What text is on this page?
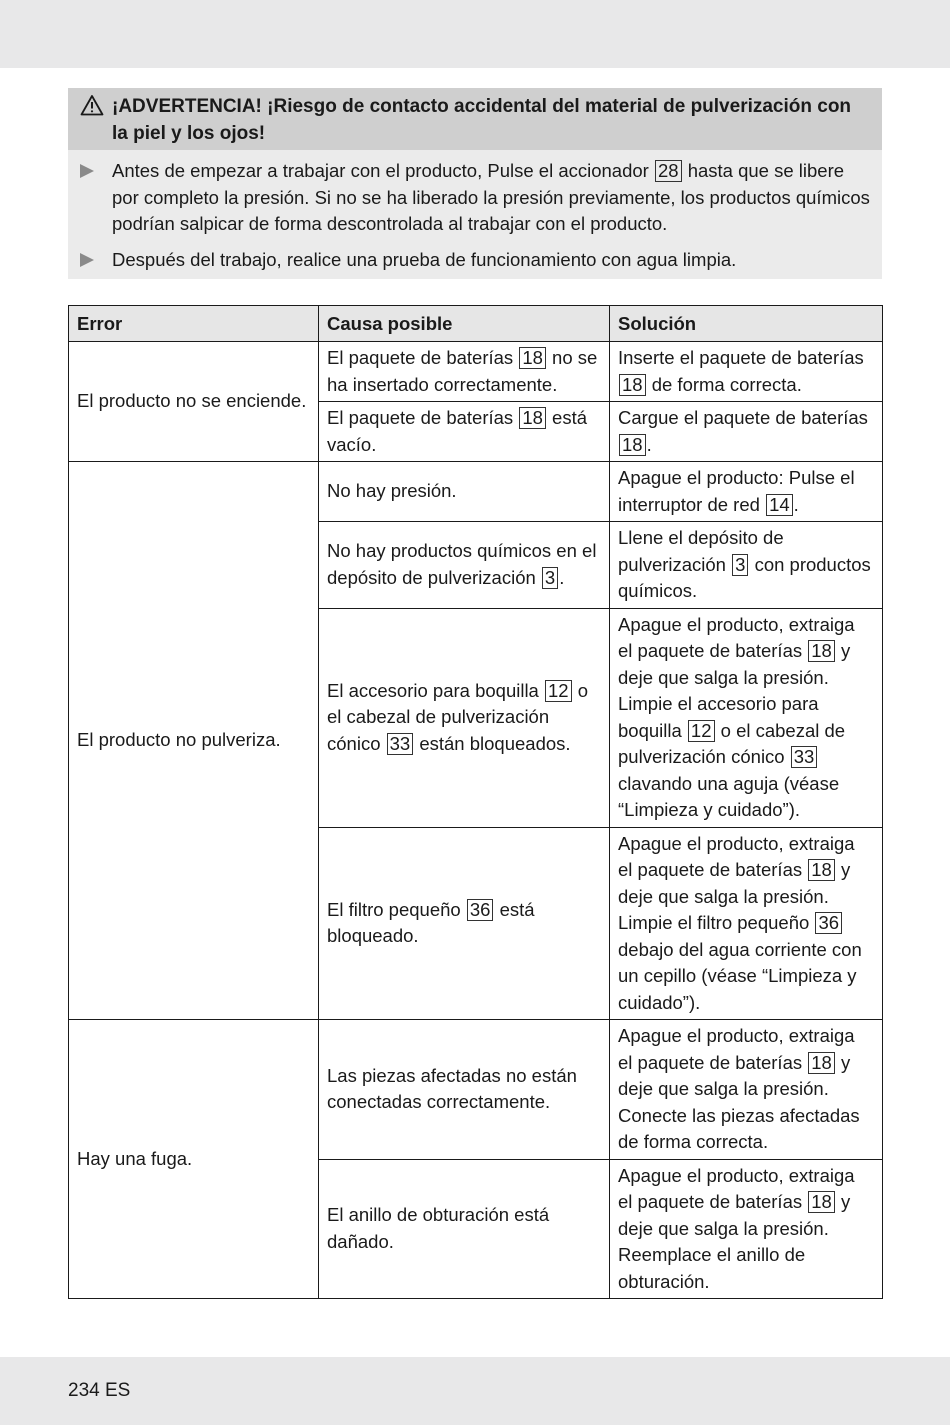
¡ADVERTENCIA! ¡Riesgo de contacto accidental del material de pulverización con la piel y los ojos!
Antes de empezar a trabajar con el producto, Pulse el accionador 28 hasta que se libere por completo la presión. Si no se ha liberado la presión previamente, los productos químicos podrían salpicar de forma descontrolada al trabajar con el producto.
Después del trabajo, realice una prueba de funcionamiento con agua limpia.
Error	Causa posible	Solución
El producto no se enciende.	El paquete de baterías 18 no se ha insertado correctamente.	Inserte el paquete de baterías 18 de forma correcta.
	El paquete de baterías 18 está vacío.	Cargue el paquete de baterías 18 .
El producto no pulveriza.	No hay presión.	Apague el producto: Pulse el interruptor de red 14 .
	No hay productos químicos en el depósito de pulverización 3 .	Llene el depósito de pulverización 3 con productos químicos.
	El accesorio para boquilla 12 o el cabezal de pulverización cónico 33 están bloqueados.	Apague el producto, extraiga el paquete de baterías 18 y deje que salga la presión. Limpie el accesorio para boquilla 12 o el cabezal de pulverización cónico 33 clavando una aguja (véase “Limpieza y cuidado”).
	El filtro pequeño 36 está bloqueado.	Apague el producto, extraiga el paquete de baterías 18 y deje que salga la presión. Limpie el filtro pequeño 36 debajo del agua corriente con un cepillo (véase “Limpieza y cuidado”).
Hay una fuga.	Las piezas afectadas no están conectadas correctamente.	Apague el producto, extraiga el paquete de baterías 18 y deje que salga la presión. Conecte las piezas afectadas de forma correcta.
	El anillo de obturación está dañado.	Apague el producto, extraiga el paquete de baterías 18 y deje que salga la presión. Reemplace el anillo de obturación.
234 ES
